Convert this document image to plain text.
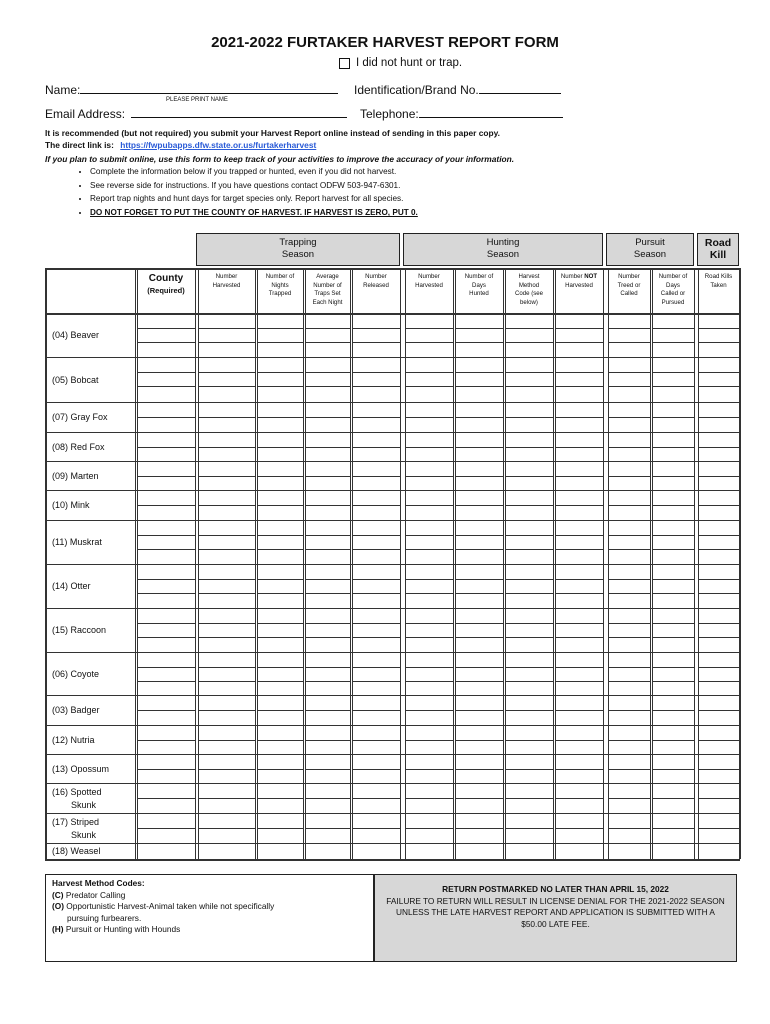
2021-2022 FURTAKER HARVEST REPORT FORM
I did not hunt or trap.
Name:
PLEASE PRINT NAME
Identification/Brand No.
Email Address:	Telephone:
It is recommended (but not required) you submit your Harvest Report online instead of sending in this paper copy.
The direct link is: https://fwpubapps.dfw.state.or.us/furtakerharvest
If you plan to submit online, use this form to keep track of your activities to improve the accuracy of your information.
• Complete the information below if you trapped or hunted, even if you did not harvest.
• See reverse side for instructions. If you have questions contact ODFW 503-947-6301.
• Report trap nights and hunt days for target species only. Report harvest for all species.
• DO NOT FORGET TO PUT THE COUNTY OF HARVEST. IF HARVEST IS ZERO, PUT 0.
Trapping
Season
Hunting
Season
Pursuit
Season
Road
Kill
Number
Harvested
Number of
Nights
Trapped
Average
Number of
Traps Set
Each Night
Number
Released
Number
Harvested
Number of
Days
Hunted
Harvest
Method
Code (see
below)
Number NOT
Harvested
Number
Treed or
Called
Number of
Days
Called or
Pursued
Road Kills
Taken
(04) Beaver
(05) Bobcat
(07) Gray Fox
(08) Red Fox
(09) Marten
(10) Mink
(11) Muskrat
(14) Otter
(15) Raccoon
(06) Coyote
(03) Badger
(12) Nutria
(13) Opossum
(16) Spotted
Skunk
(17) Striped
Skunk
(18) Weasel
County
(Required)
Harvest Method Codes:
(C) Predator Calling
(O) Opportunistic Harvest-Animal taken while not specifically pursuing furbearers.
(H) Pursuit or Hunting with Hounds
RETURN POSTMARKED NO LATER THAN APRIL 15, 2022
FAILURE TO RETURN WILL RESULT IN LICENSE DENIAL FOR THE 2021-2022 SEASON UNLESS THE LATE HARVEST REPORT AND APPLICATION IS SUBMITTED WITH A $50.00 LATE FEE.
